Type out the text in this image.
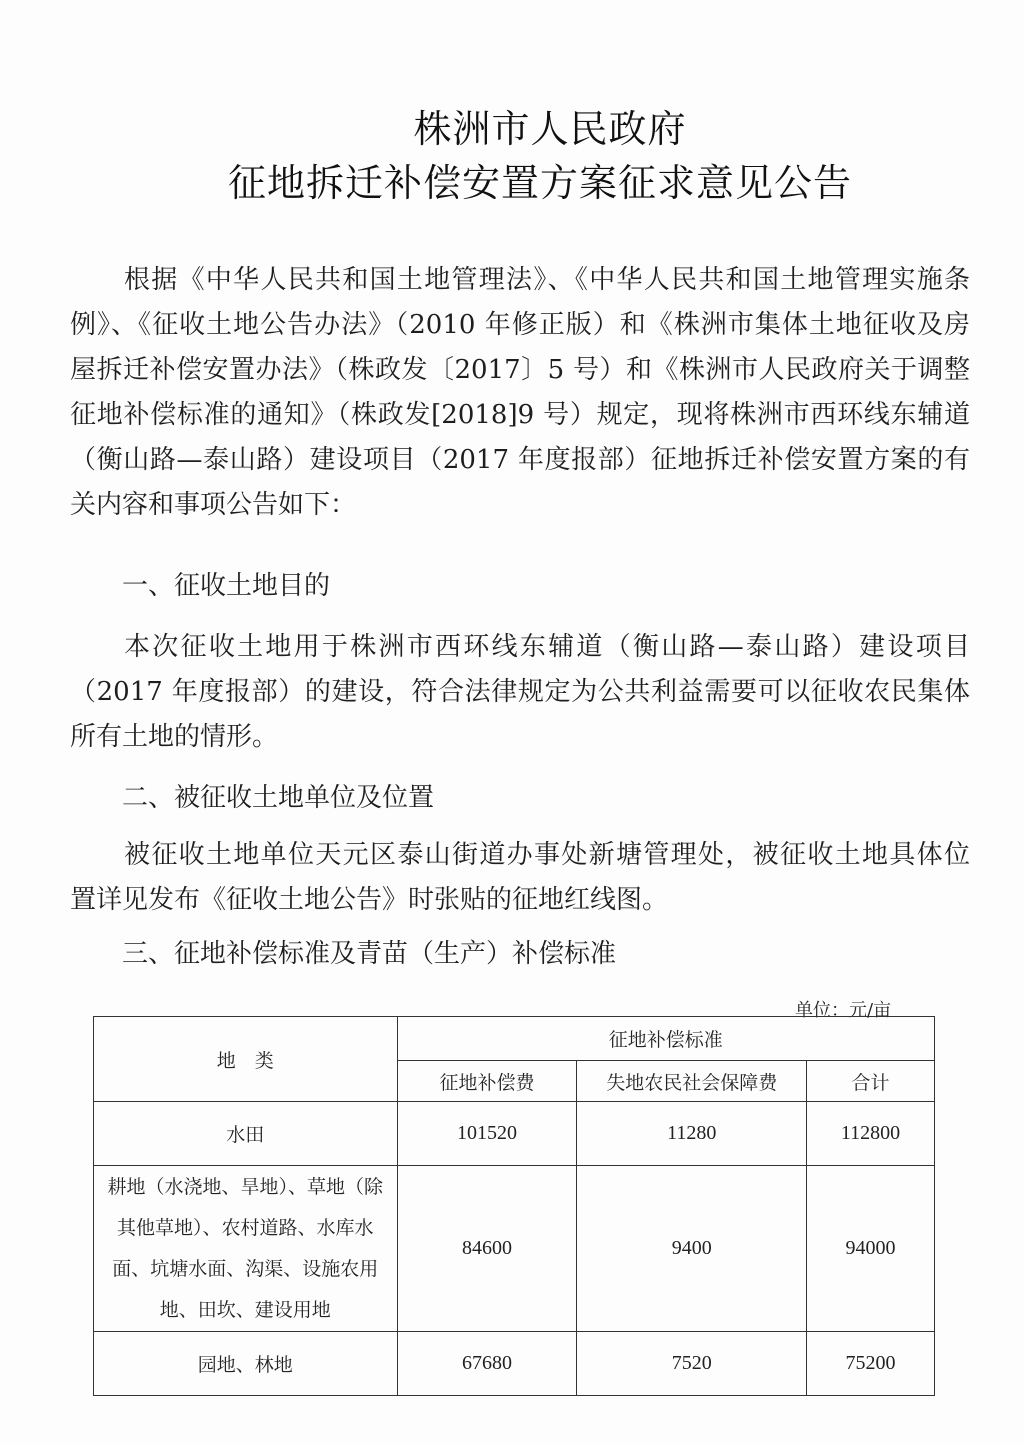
株洲市人民政府
征地拆迁补偿安置方案征求意见公告
根据《中华人民共和国土地管理法》、《中华人民共和国土地管理实施条
例》、《征收土地公告办法》（2010 年修正版）和《株洲市集体土地征收及房
屋拆迁补偿安置办法》（株政发〔2017〕5 号）和《株洲市人民政府关于调整
征地补偿标准的通知》（株政发[2018]9 号）规定，现将株洲市西环线东辅道
（衡山路—泰山路）建设项目（2017 年度报部）征地拆迁补偿安置方案的有
关内容和事项公告如下：
一、征收土地目的
本次征收土地用于株洲市西环线东辅道（衡山路—泰山路）建设项目
（2017 年度报部）的建设，符合法律规定为公共利益需要可以征收农民集体
所有土地的情形。
二、被征收土地单位及位置
被征收土地单位天元区泰山街道办事处新塘管理处，被征收土地具体位
置详见发布《征收土地公告》时张贴的征地红线图。
三、征地补偿标准及青苗（生产）补偿标准
单位：元/亩
地　类	征地补偿标准		
	征地补偿费	失地农民社会保障费	合计
水田	101520	11280	112800

耕地（水浇地、旱地）、草地（除
其他草地）、农村道路、水库水
面、坑塘水面、沟渠、设施农用
地、田坎、建设用地	84600	9400	94000
园地、林地	67680	7520	75200
